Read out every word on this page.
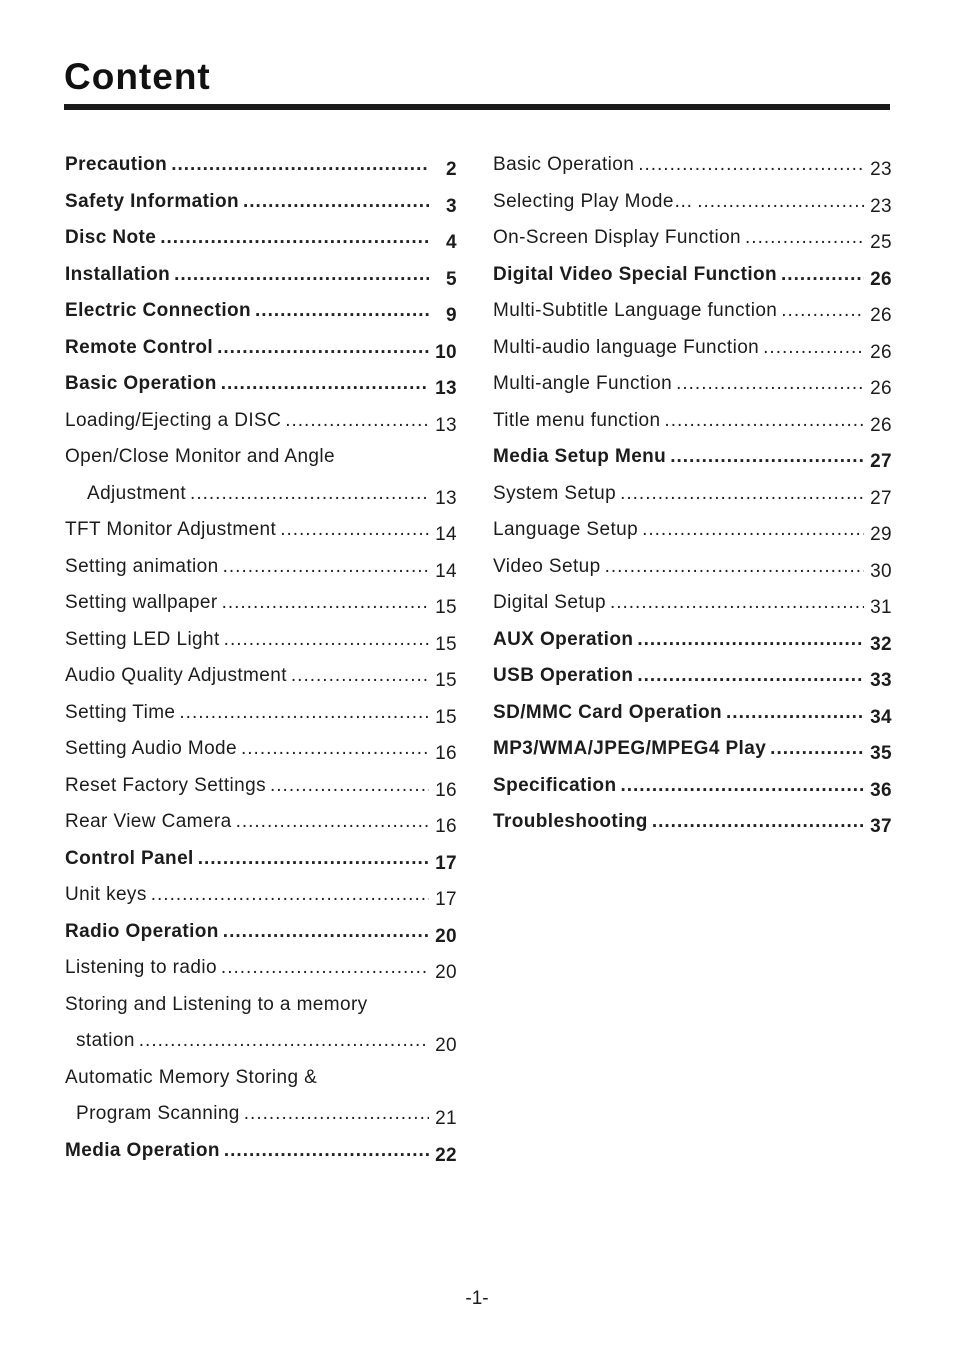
Content
Precaution .....	2
Safety Information .....	3
Disc Note .....	4
Installation .....	5
Electric Connection .....	9
Remote Control .....	10
Basic Operation .....	13
Loading/Ejecting a DISC .....	13
Open/Close Monitor and Angle
Adjustment .....	13
TFT Monitor Adjustment .....	14
Setting animation .....	14
Setting wallpaper .....	15
Setting LED Light .....	15
Audio Quality Adjustment .....	15
Setting Time .....	15
Setting Audio Mode .....	16
Reset Factory Settings .....	16
Rear View Camera .....	16
Control Panel .....	17
Unit keys .....	17
Radio Operation .....	20
Listening to radio .....	20
Storing and Listening to a memory
station .....	20
Automatic Memory Storing &
Program Scanning .....	21
Media Operation .....	22
Basic Operation .....	23
Selecting Play Mode… .....	23
On-Screen Display Function .....	25
Digital Video Special Function .....	26
Multi-Subtitle Language function .....	26
Multi-audio language Function .....	26
Multi-angle Function .....	26
Title menu function .....	26
Media Setup Menu .....	27
System Setup .....	27
Language Setup .....	29
Video Setup .....	30
Digital Setup .....	31
AUX Operation .....	32
USB Operation .....	33
SD/MMC Card Operation .....	34
MP3/WMA/JPEG/MPEG4 Play .....	35
Specification .....	36
Troubleshooting .....	37
-1-
